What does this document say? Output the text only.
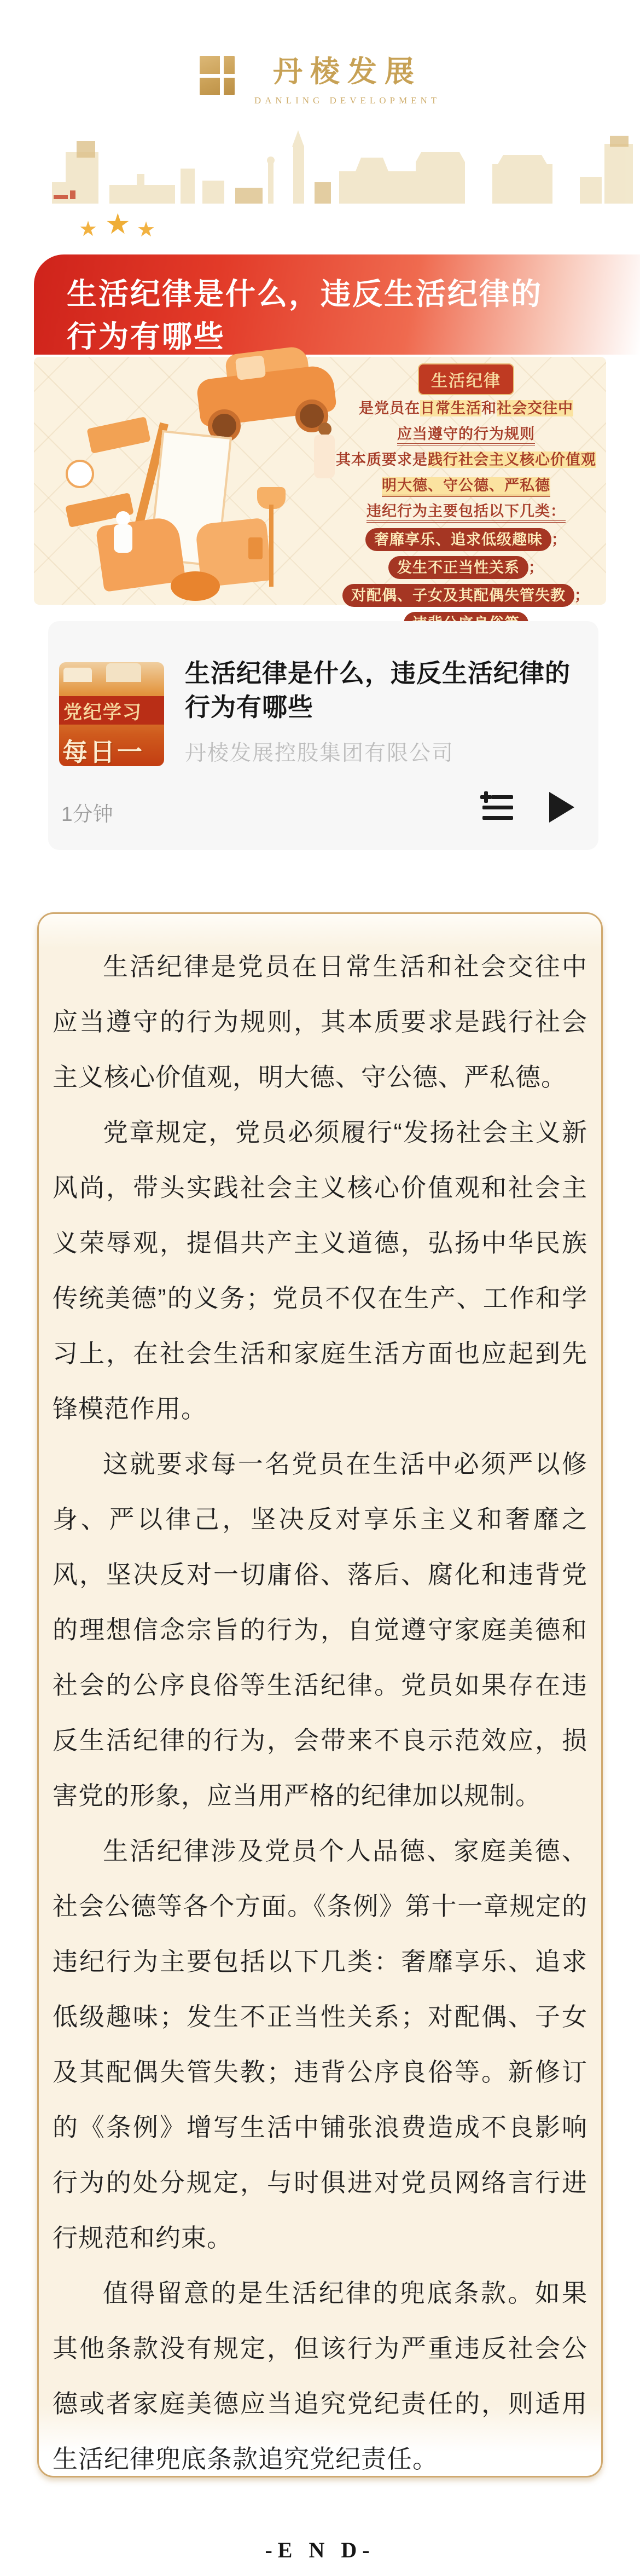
丹棱发展
DANLING DEVELOPMENT
★ ★ ★
生活纪律是什么，违反生活纪律的
行为有哪些
生活纪律
是党员在日常生活和社会交往中
应当遵守的行为规则
其本质要求是践行社会主义核心价值观
明大德、守公德、严私德
违纪行为主要包括以下几类：
奢靡享乐、追求低级趣味 ；
发生不正当性关系 ；
对配偶、子女及其配偶失管失教 ；
党纪学习
每日一
生活纪律是什么，违反生活纪律的行为有哪些
丹棱发展控股集团有限公司
1分钟

生活纪律是党员在日常生活和社会交往中应当遵守的行为规则，其本质要求是践行社会主义核心价值观，明大德、守公德、严私德。

党章规定，党员必须履行“发扬社会主义新风尚，带头实践社会主义核心价值观和社会主义荣辱观，提倡共产主义道德，弘扬中华民族传统美德”的义务；党员不仅在生产、工作和学习上，在社会生活和家庭生活方面也应起到先锋模范作用。

这就要求每一名党员在生活中必须严以修身、严以律己，坚决反对享乐主义和奢靡之风，坚决反对一切庸俗、落后、腐化和违背党的理想信念宗旨的行为，自觉遵守家庭美德和社会的公序良俗等生活纪律。党员如果存在违反生活纪律的行为，会带来不良示范效应，损害党的形象，应当用严格的纪律加以规制。

生活纪律涉及党员个人品德、家庭美德、社会公德等各个方面。《条例》第十一章规定的违纪行为主要包括以下几类：奢靡享乐、追求低级趣味；发生不正当性关系；对配偶、子女及其配偶失管失教；违背公序良俗等。新修订的《条例》增写生活中铺张浪费造成不良影响行为的处分规定，与时俱进对党员网络言行进行规范和约束。

值得留意的是生活纪律的兜底条款。如果其他条款没有规定，但该行为严重违反社会公德或者家庭美德应当追究党纪责任的，则适用生活纪律兜底条款追究党纪责任。

-E N D-
